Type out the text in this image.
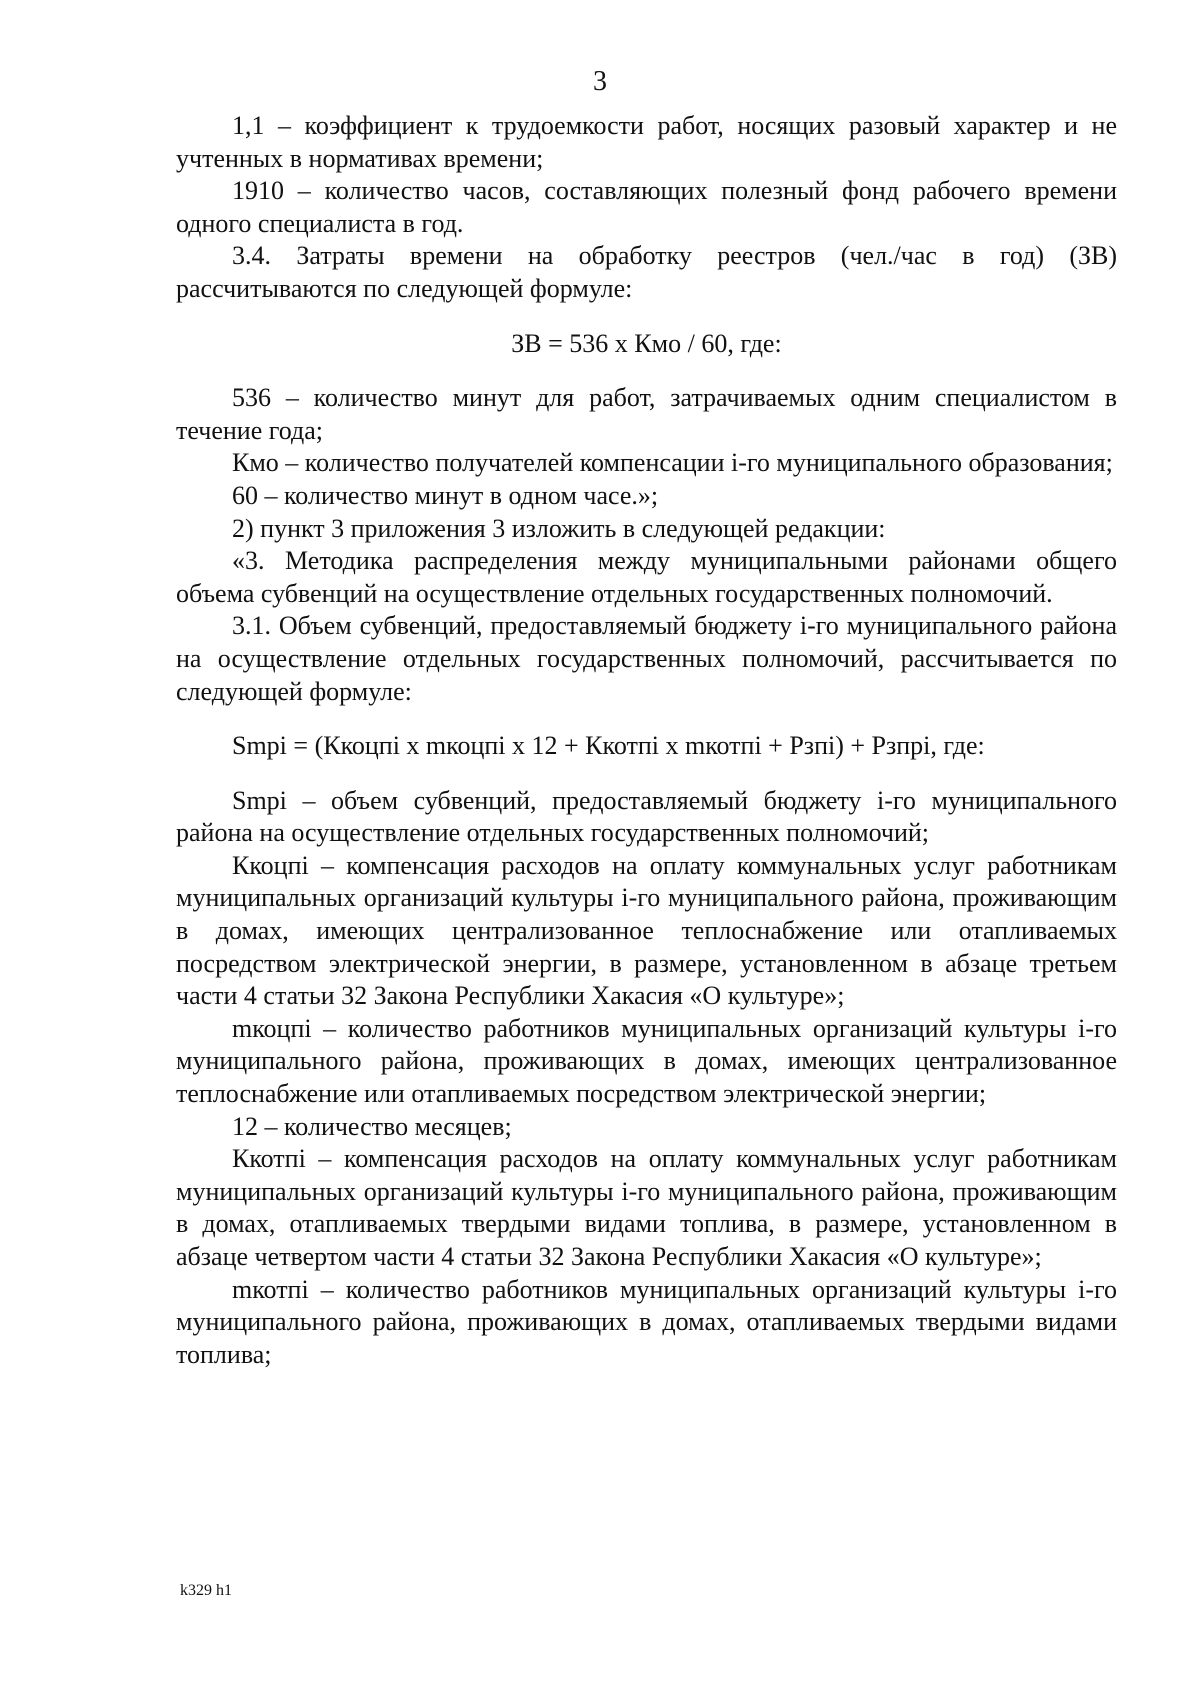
3

1,1 – коэффициент к трудоемкости работ, носящих разовый характер и не учтенных в нормативах времени;

1910 – количество часов, составляющих полезный фонд рабочего времени одного специалиста в год.

3.4. Затраты времени на обработку реестров (чел./час в год) (ЗВ) рассчитываются по следующей формуле:

ЗВ = 536 х Кмо / 60, где:

536 – количество минут для работ, затрачиваемых одним специалистом в течение года;

Кмо – количество получателей компенсации i-го муниципального образования;

60 – количество минут в одном часе.»;

2) пункт 3 приложения 3 изложить в следующей редакции:

«3. Методика распределения между муниципальными районами общего объема субвенций на осуществление отдельных государственных полномочий.

3.1. Объем субвенций, предоставляемый бюджету i-го муниципального района на осуществление отдельных государственных полномочий, рассчитывается по следующей формуле:

Smpi = (Ккоцпi х mкоцпi х 12 + Ккотпi х mкотпi + Рзпi) + Рзпрi, где:

Smpi – объем субвенций, предоставляемый бюджету i-го муниципального района на осуществление отдельных государственных полномочий;

Ккоцпi – компенсация расходов на оплату коммунальных услуг работникам муниципальных организаций культуры i-го муниципального района, проживающим в домах, имеющих централизованное теплоснабжение или отапливаемых посредством электрической энергии, в размере, установленном в абзаце третьем части 4 статьи 32 Закона Республики Хакасия «О культуре»;

mкоцпi – количество работников муниципальных организаций культуры i-го муниципального района, проживающих в домах, имеющих централизованное теплоснабжение или отапливаемых посредством электрической энергии;

12 – количество месяцев;

Ккотпi – компенсация расходов на оплату коммунальных услуг работникам муниципальных организаций культуры i-го муниципального района, проживающим в домах, отапливаемых твердыми видами топлива, в размере, установленном в абзаце четвертом части 4 статьи 32 Закона Республики Хакасия «О культуре»;

mкотпi – количество работников муниципальных организаций культуры i-го муниципального района, проживающих в домах, отапливаемых твердыми видами топлива;

k329 h1
